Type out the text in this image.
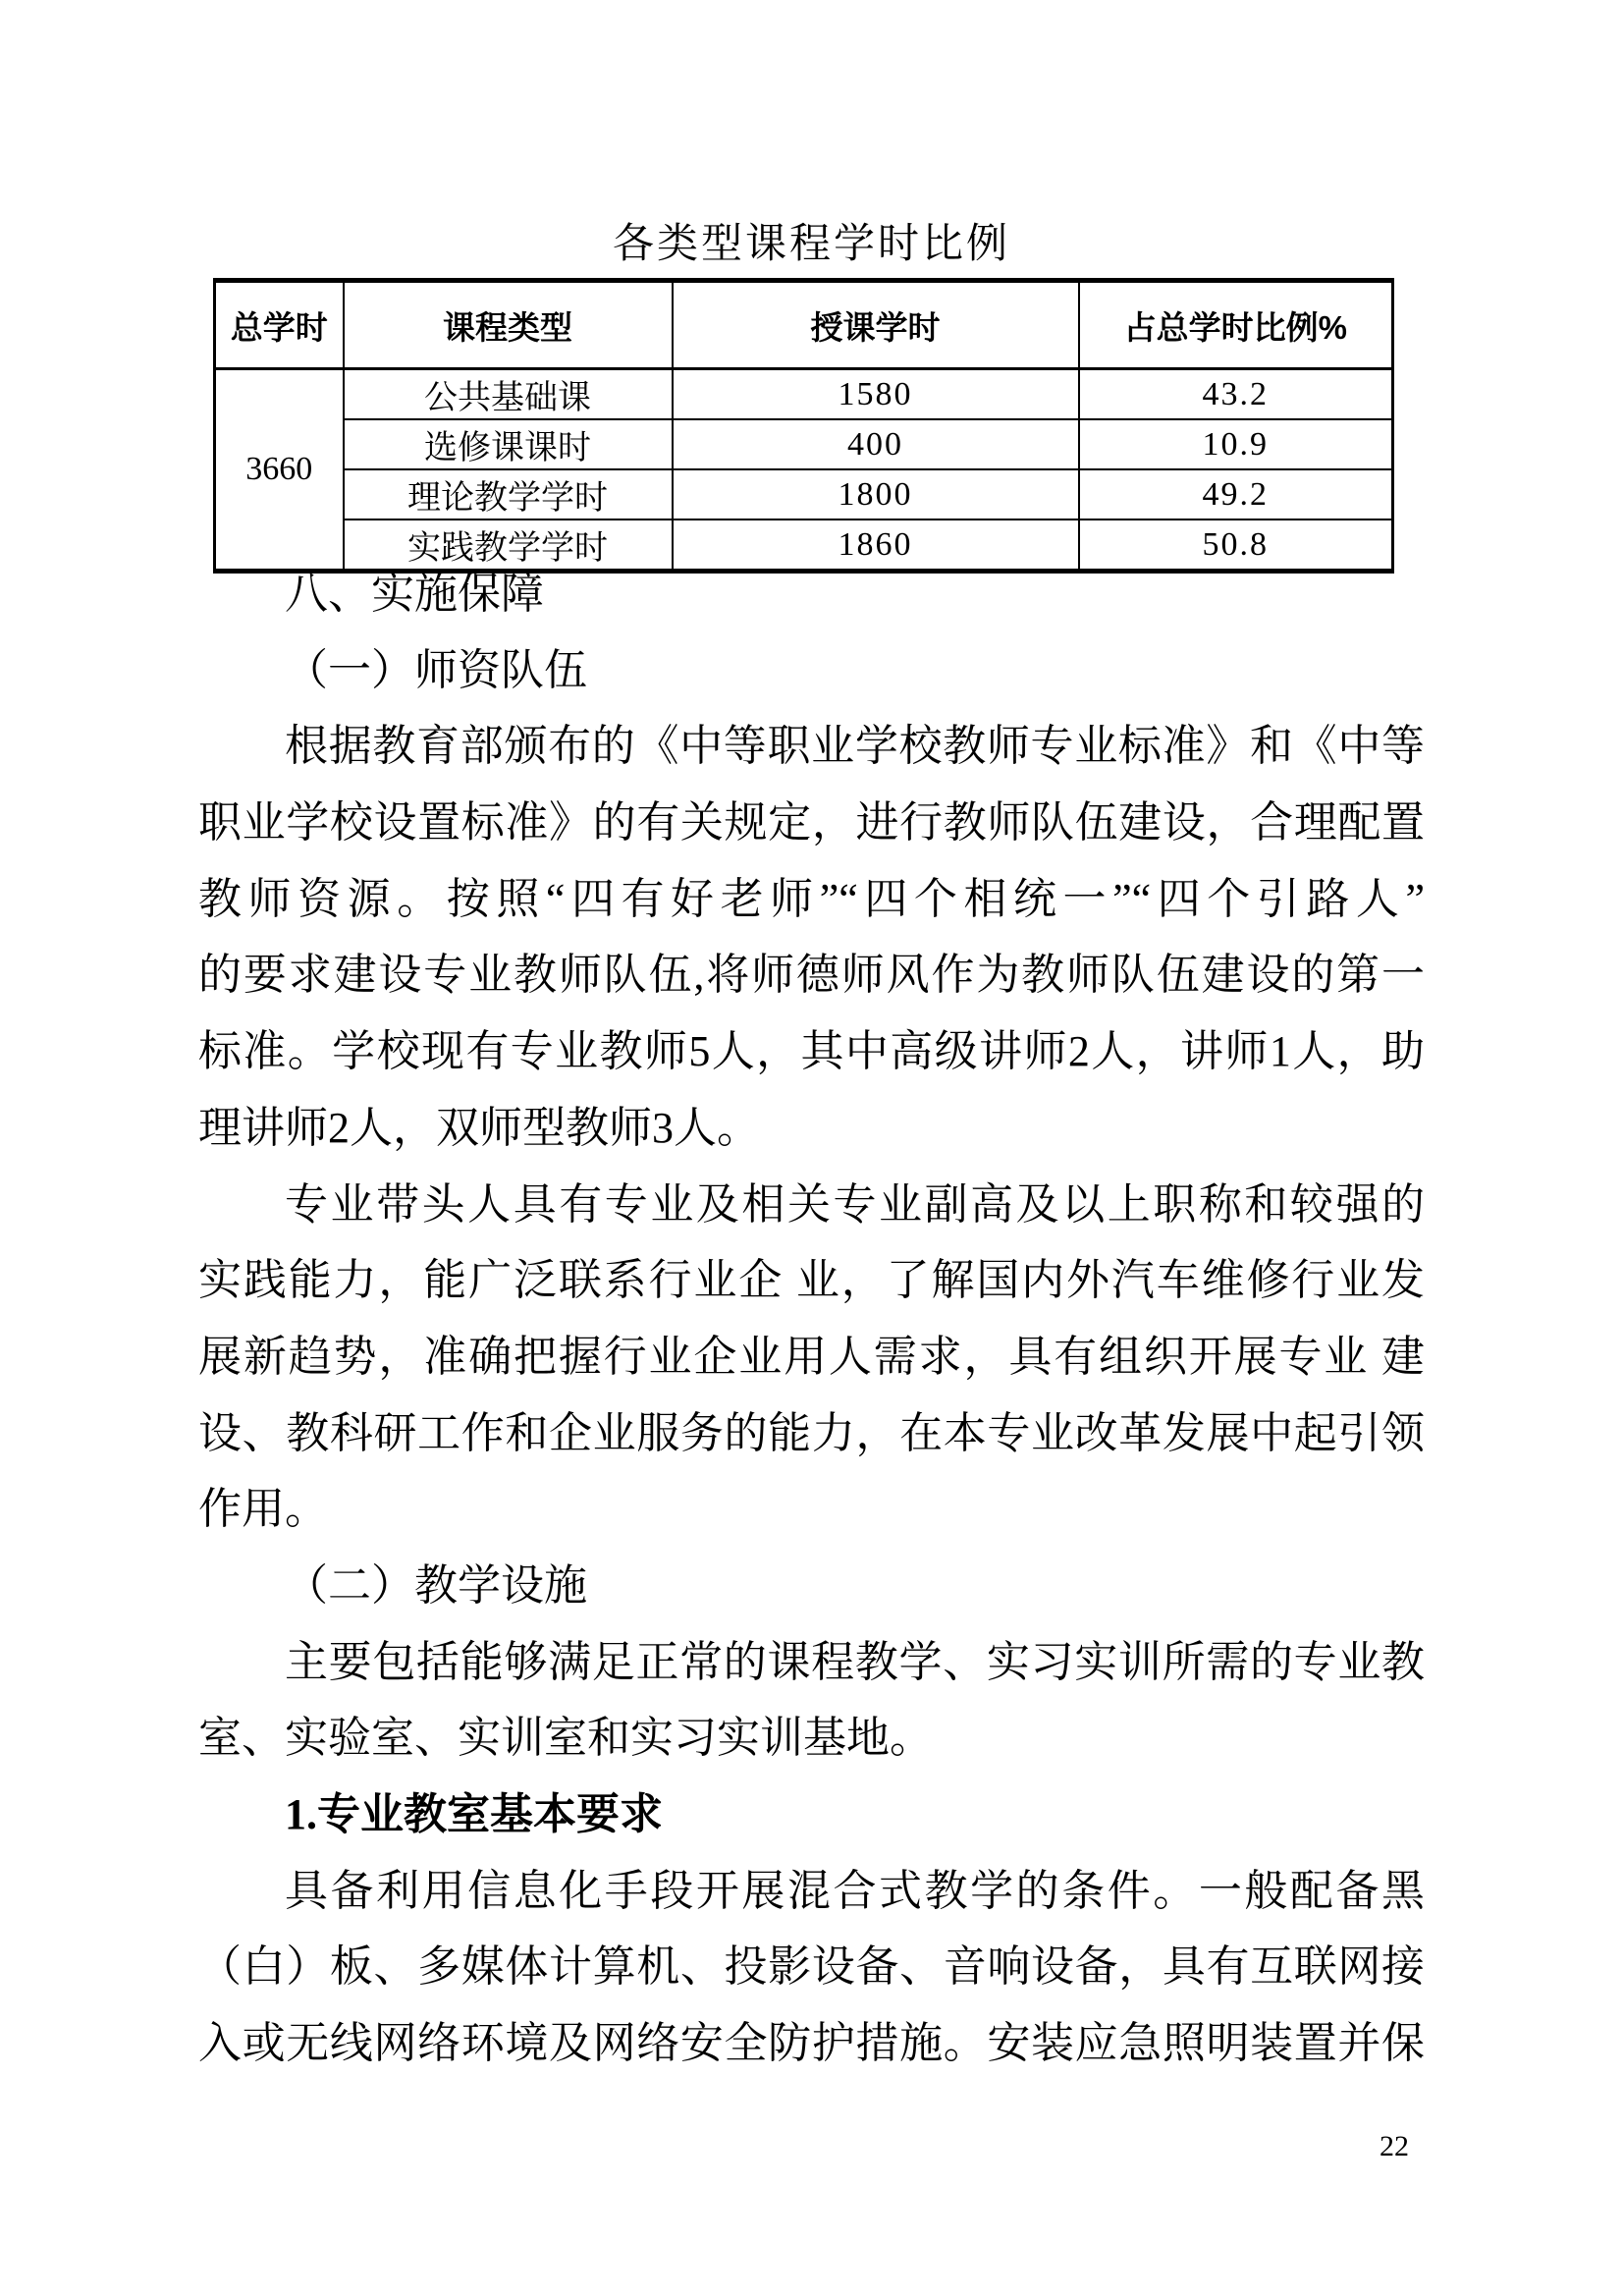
各类型课程学时比例
总学时	课程类型	授课学时	占总学时比例%
3660	公共基础课	1580	43.2
	选修课课时	400	10.9
	理论教学学时	1800	49.2
	实践教学学时	1860	50.8
八、实施保障
（一）师资队伍
根据教育部颁布的《中等职业学校教师专业标准》和《中等
职业学校设置标准》的有关规定，进行教师队伍建设，合理配置
教师资源。按照“四有好老师”“四个相统一”“四个引路人”
的要求建设专业教师队伍,将师德师风作为教师队伍建设的第一
标准。学校现有专业教师5人，其中高级讲师2人，讲师1人，助
理讲师2人，双师型教师3人。
专业带头人具有专业及相关专业副高及以上职称和较强的
实践能力，能广泛联系行业企 业，了解国内外汽车维修行业发
展新趋势，准确把握行业企业用人需求，具有组织开展专业 建
设、教科研工作和企业服务的能力，在本专业改革发展中起引领
作用。
（二）教学设施
主要包括能够满足正常的课程教学、实习实训所需的专业教
室、实验室、实训室和实习实训基地。
1.专业教室基本要求
具备利用信息化手段开展混合式教学的条件。一般配备黑
（白）板、多媒体计算机、投影设备、音响设备，具有互联网接
入或无线网络环境及网络安全防护措施。安装应急照明装置并保
22
